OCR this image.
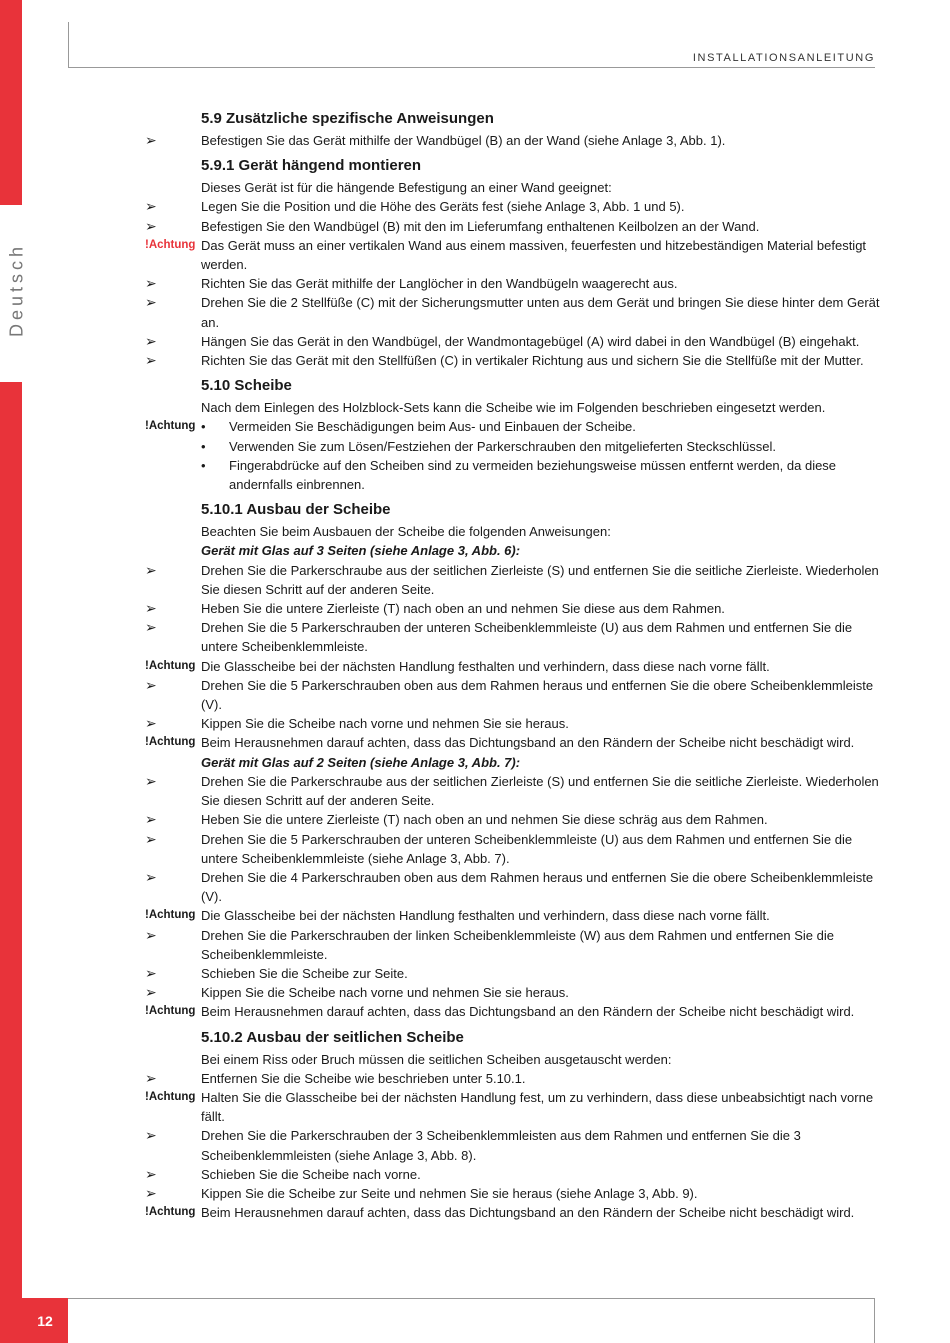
Deutsch
INSTALLATIONSANLEITUNG
12
5.9 Zusätzliche spezifische Anweisungen
➢	Befestigen Sie das Gerät mithilfe der Wandbügel (B) an der Wand (siehe Anlage 3, Abb. 1).
5.9.1 Gerät hängend montieren
Dieses Gerät ist für die hängende Befestigung an einer Wand geeignet:
➢	Legen Sie die Position und die Höhe des Geräts fest (siehe Anlage 3, Abb. 1 und 5).
➢	Befestigen Sie den Wandbügel (B) mit den im Lieferumfang enthaltenen Keilbolzen an der Wand.
!Achtung Das Gerät muss an einer vertikalen Wand aus einem massiven, feuerfesten und hitzebeständigen Material befestigt werden.
➢	Richten Sie das Gerät mithilfe der Langlöcher in den Wandbügeln waagerecht aus.
➢	Drehen Sie die 2 Stellfüße (C) mit der Sicherungsmutter unten aus dem Gerät und bringen Sie diese hinter dem Gerät an.
➢	Hängen Sie das Gerät in den Wandbügel, der Wandmontagebügel (A) wird dabei in den Wandbügel (B) eingehakt.
➢	Richten Sie das Gerät mit den Stellfüßen (C) in vertikaler Richtung aus und sichern Sie die Stellfüße mit der Mutter.
5.10 Scheibe
Nach dem Einlegen des Holzblock-Sets kann die Scheibe wie im Folgenden beschrieben eingesetzt werden.
!Achtung •	Vermeiden Sie Beschädigungen beim Aus- und Einbauen der Scheibe.
•	Verwenden Sie zum Lösen/Festziehen der Parkerschrauben den mitgelieferten Steckschlüssel.
•	Fingerabdrücke auf den Scheiben sind zu vermeiden beziehungsweise müssen entfernt werden, da diese andernfalls einbrennen.
5.10.1 Ausbau der Scheibe
Beachten Sie beim Ausbauen der Scheibe die folgenden Anweisungen:
Gerät mit Glas auf 3 Seiten (siehe Anlage 3, Abb. 6):
➢	Drehen Sie die Parkerschraube aus der seitlichen Zierleiste (S) und entfernen Sie die seitliche Zierleiste. Wiederholen Sie diesen Schritt auf der anderen Seite.
➢	Heben Sie die untere Zierleiste (T) nach oben an und nehmen Sie diese aus dem Rahmen.
➢	Drehen Sie die 5 Parkerschrauben der unteren Scheibenklemmleiste (U) aus dem Rahmen und entfernen Sie die untere Scheibenklemmleiste.
!Achtung Die Glasscheibe bei der nächsten Handlung festhalten und verhindern, dass diese nach vorne fällt.
➢	Drehen Sie die 5 Parkerschrauben oben aus dem Rahmen heraus und entfernen Sie die obere Scheibenklemmleiste (V).
➢	Kippen Sie die Scheibe nach vorne und nehmen Sie sie heraus.
!Achtung Beim Herausnehmen darauf achten, dass das Dichtungsband an den Rändern der Scheibe nicht beschädigt wird.
Gerät mit Glas auf 2 Seiten (siehe Anlage 3, Abb. 7):
➢	Drehen Sie die Parkerschraube aus der seitlichen Zierleiste (S) und entfernen Sie die seitliche Zierleiste. Wiederholen Sie diesen Schritt auf der anderen Seite.
➢	Heben Sie die untere Zierleiste (T) nach oben an und nehmen Sie diese schräg aus dem Rahmen.
➢	Drehen Sie die 5 Parkerschrauben der unteren Scheibenklemmleiste (U) aus dem Rahmen und entfernen Sie die untere Scheibenklemmleiste (siehe Anlage 3, Abb. 7).
➢	Drehen Sie die 4 Parkerschrauben oben aus dem Rahmen heraus und entfernen Sie die obere Scheibenklemmleiste (V).
!Achtung Die Glasscheibe bei der nächsten Handlung festhalten und verhindern, dass diese nach vorne fällt.
➢	Drehen Sie die Parkerschrauben der linken Scheibenklemmleiste (W) aus dem Rahmen und entfernen Sie die Scheibenklemmleiste.
➢	Schieben Sie die Scheibe zur Seite.
➢	Kippen Sie die Scheibe nach vorne und nehmen Sie sie heraus.
!Achtung Beim Herausnehmen darauf achten, dass das Dichtungsband an den Rändern der Scheibe nicht beschädigt wird.
5.10.2 Ausbau der seitlichen Scheibe
Bei einem Riss oder Bruch müssen die seitlichen Scheiben ausgetauscht werden:
➢	Entfernen Sie die Scheibe wie beschrieben unter 5.10.1.
!Achtung Halten Sie die Glasscheibe bei der nächsten Handlung fest, um zu verhindern, dass diese unbeabsichtigt nach vorne fällt.
➢	Drehen Sie die Parkerschrauben der 3 Scheibenklemmleisten aus dem Rahmen und entfernen Sie die 3 Scheibenklemmleisten (siehe Anlage 3, Abb. 8).
➢	Schieben Sie die Scheibe nach vorne.
➢	Kippen Sie die Scheibe zur Seite und nehmen Sie sie heraus (siehe Anlage 3, Abb. 9).
!Achtung Beim Herausnehmen darauf achten, dass das Dichtungsband an den Rändern der Scheibe nicht beschädigt wird.
